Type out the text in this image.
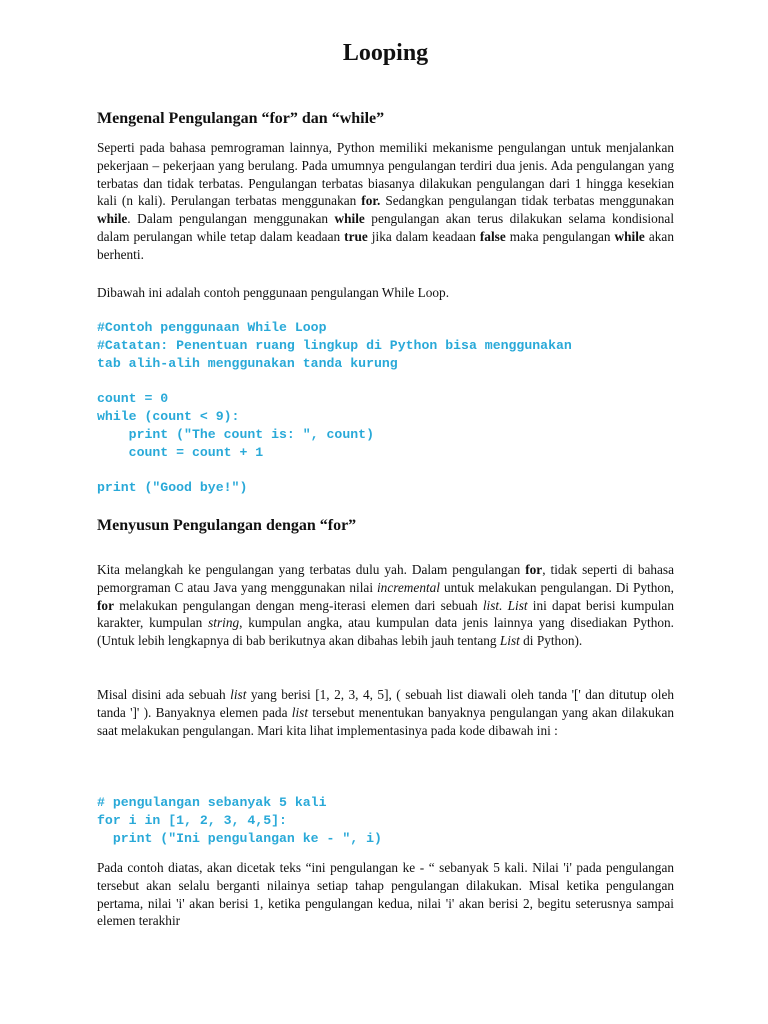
Looping
Mengenal Pengulangan “for” dan “while”

Seperti pada bahasa pemrograman lainnya, Python memiliki mekanisme pengulangan untuk menjalankan pekerjaan – pekerjaan yang berulang. Pada umumnya pengulangan terdiri dua jenis. Ada pengulangan yang terbatas dan tidak terbatas. Pengulangan terbatas biasanya dilakukan pengulangan dari 1 hingga kesekian kali (n kali). Perulangan terbatas menggunakan for. Sedangkan pengulangan tidak terbatas menggunakan while. Dalam pengulangan menggunakan while pengulangan akan terus dilakukan selama kondisional dalam perulangan while tetap dalam keadaan true jika dalam keadaan false maka pengulangan while akan berhenti.

Dibawah ini adalah contoh penggunaan pengulangan While Loop.

#Contoh penggunaan While Loop
#Catatan: Penentuan ruang lingkup di Python bisa menggunakan
tab alih-alih menggunakan tanda kurung
count = 0
while (count < 9):
print ("The count is: ", count)
count = count + 1
print ("Good bye!")
Menyusun Pengulangan dengan “for”

Kita melangkah ke pengulangan yang terbatas dulu yah. Dalam pengulangan for, tidak seperti di bahasa pemorgraman C atau Java yang menggunakan nilai incremental untuk melakukan pengulangan. Di Python, for melakukan pengulangan dengan meng-iterasi elemen dari sebuah list. List ini dapat berisi kumpulan karakter, kumpulan string, kumpulan angka, atau kumpulan data jenis lainnya yang disediakan Python. (Untuk lebih lengkapnya di bab berikutnya akan dibahas lebih jauh tentang List di Python).

Misal disini ada sebuah list yang berisi [1, 2, 3, 4, 5], ( sebuah list diawali oleh tanda '[' dan ditutup oleh tanda ']' ). Banyaknya elemen pada list tersebut menentukan banyaknya pengulangan yang akan dilakukan saat melakukan pengulangan. Mari kita lihat implementasinya pada kode dibawah ini :

# pengulangan sebanyak 5 kali
for i in [1, 2, 3, 4,5]:
print ("Ini pengulangan ke - ", i)

Pada contoh diatas, akan dicetak teks “ini pengulangan ke - “ sebanyak 5 kali. Nilai 'i' pada pengulangan tersebut akan selalu berganti nilainya setiap tahap pengulangan dilakukan. Misal ketika pengulangan pertama, nilai 'i' akan berisi 1, ketika pengulangan kedua, nilai 'i' akan berisi 2, begitu seterusnya sampai elemen terakhir
